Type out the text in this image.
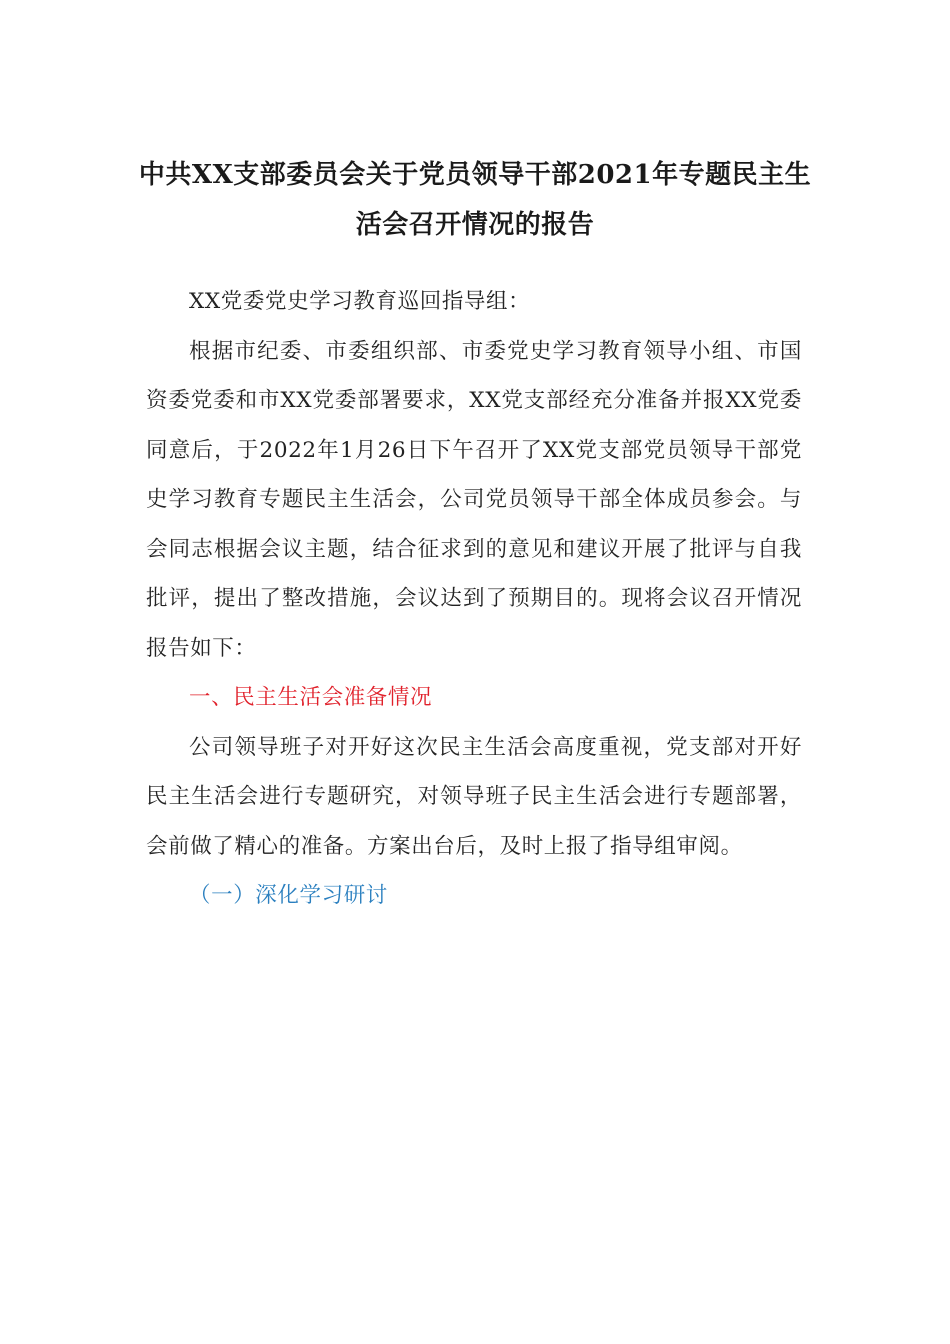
中共XX支部委员会关于党员领导干部2021年专题民主生活会召开情况的报告

XX党委党史学习教育巡回指导组：

根据市纪委、市委组织部、市委党史学习教育领导小组、市国资委党委和市XX党委部署要求，XX党支部经充分准备并报XX党委同意后，于2022年1月26日下午召开了XX党支部党员领导干部党史学习教育专题民主生活会，公司党员领导干部全体成员参会。与会同志根据会议主题，结合征求到的意见和建议开展了批评与自我批评，提出了整改措施，会议达到了预期目的。现将会议召开情况报告如下：

一、民主生活会准备情况

公司领导班子对开好这次民主生活会高度重视，党支部对开好民主生活会进行专题研究，对领导班子民主生活会进行专题部署，会前做了精心的准备。方案出台后，及时上报了指导组审阅。

（一）深化学习研讨
